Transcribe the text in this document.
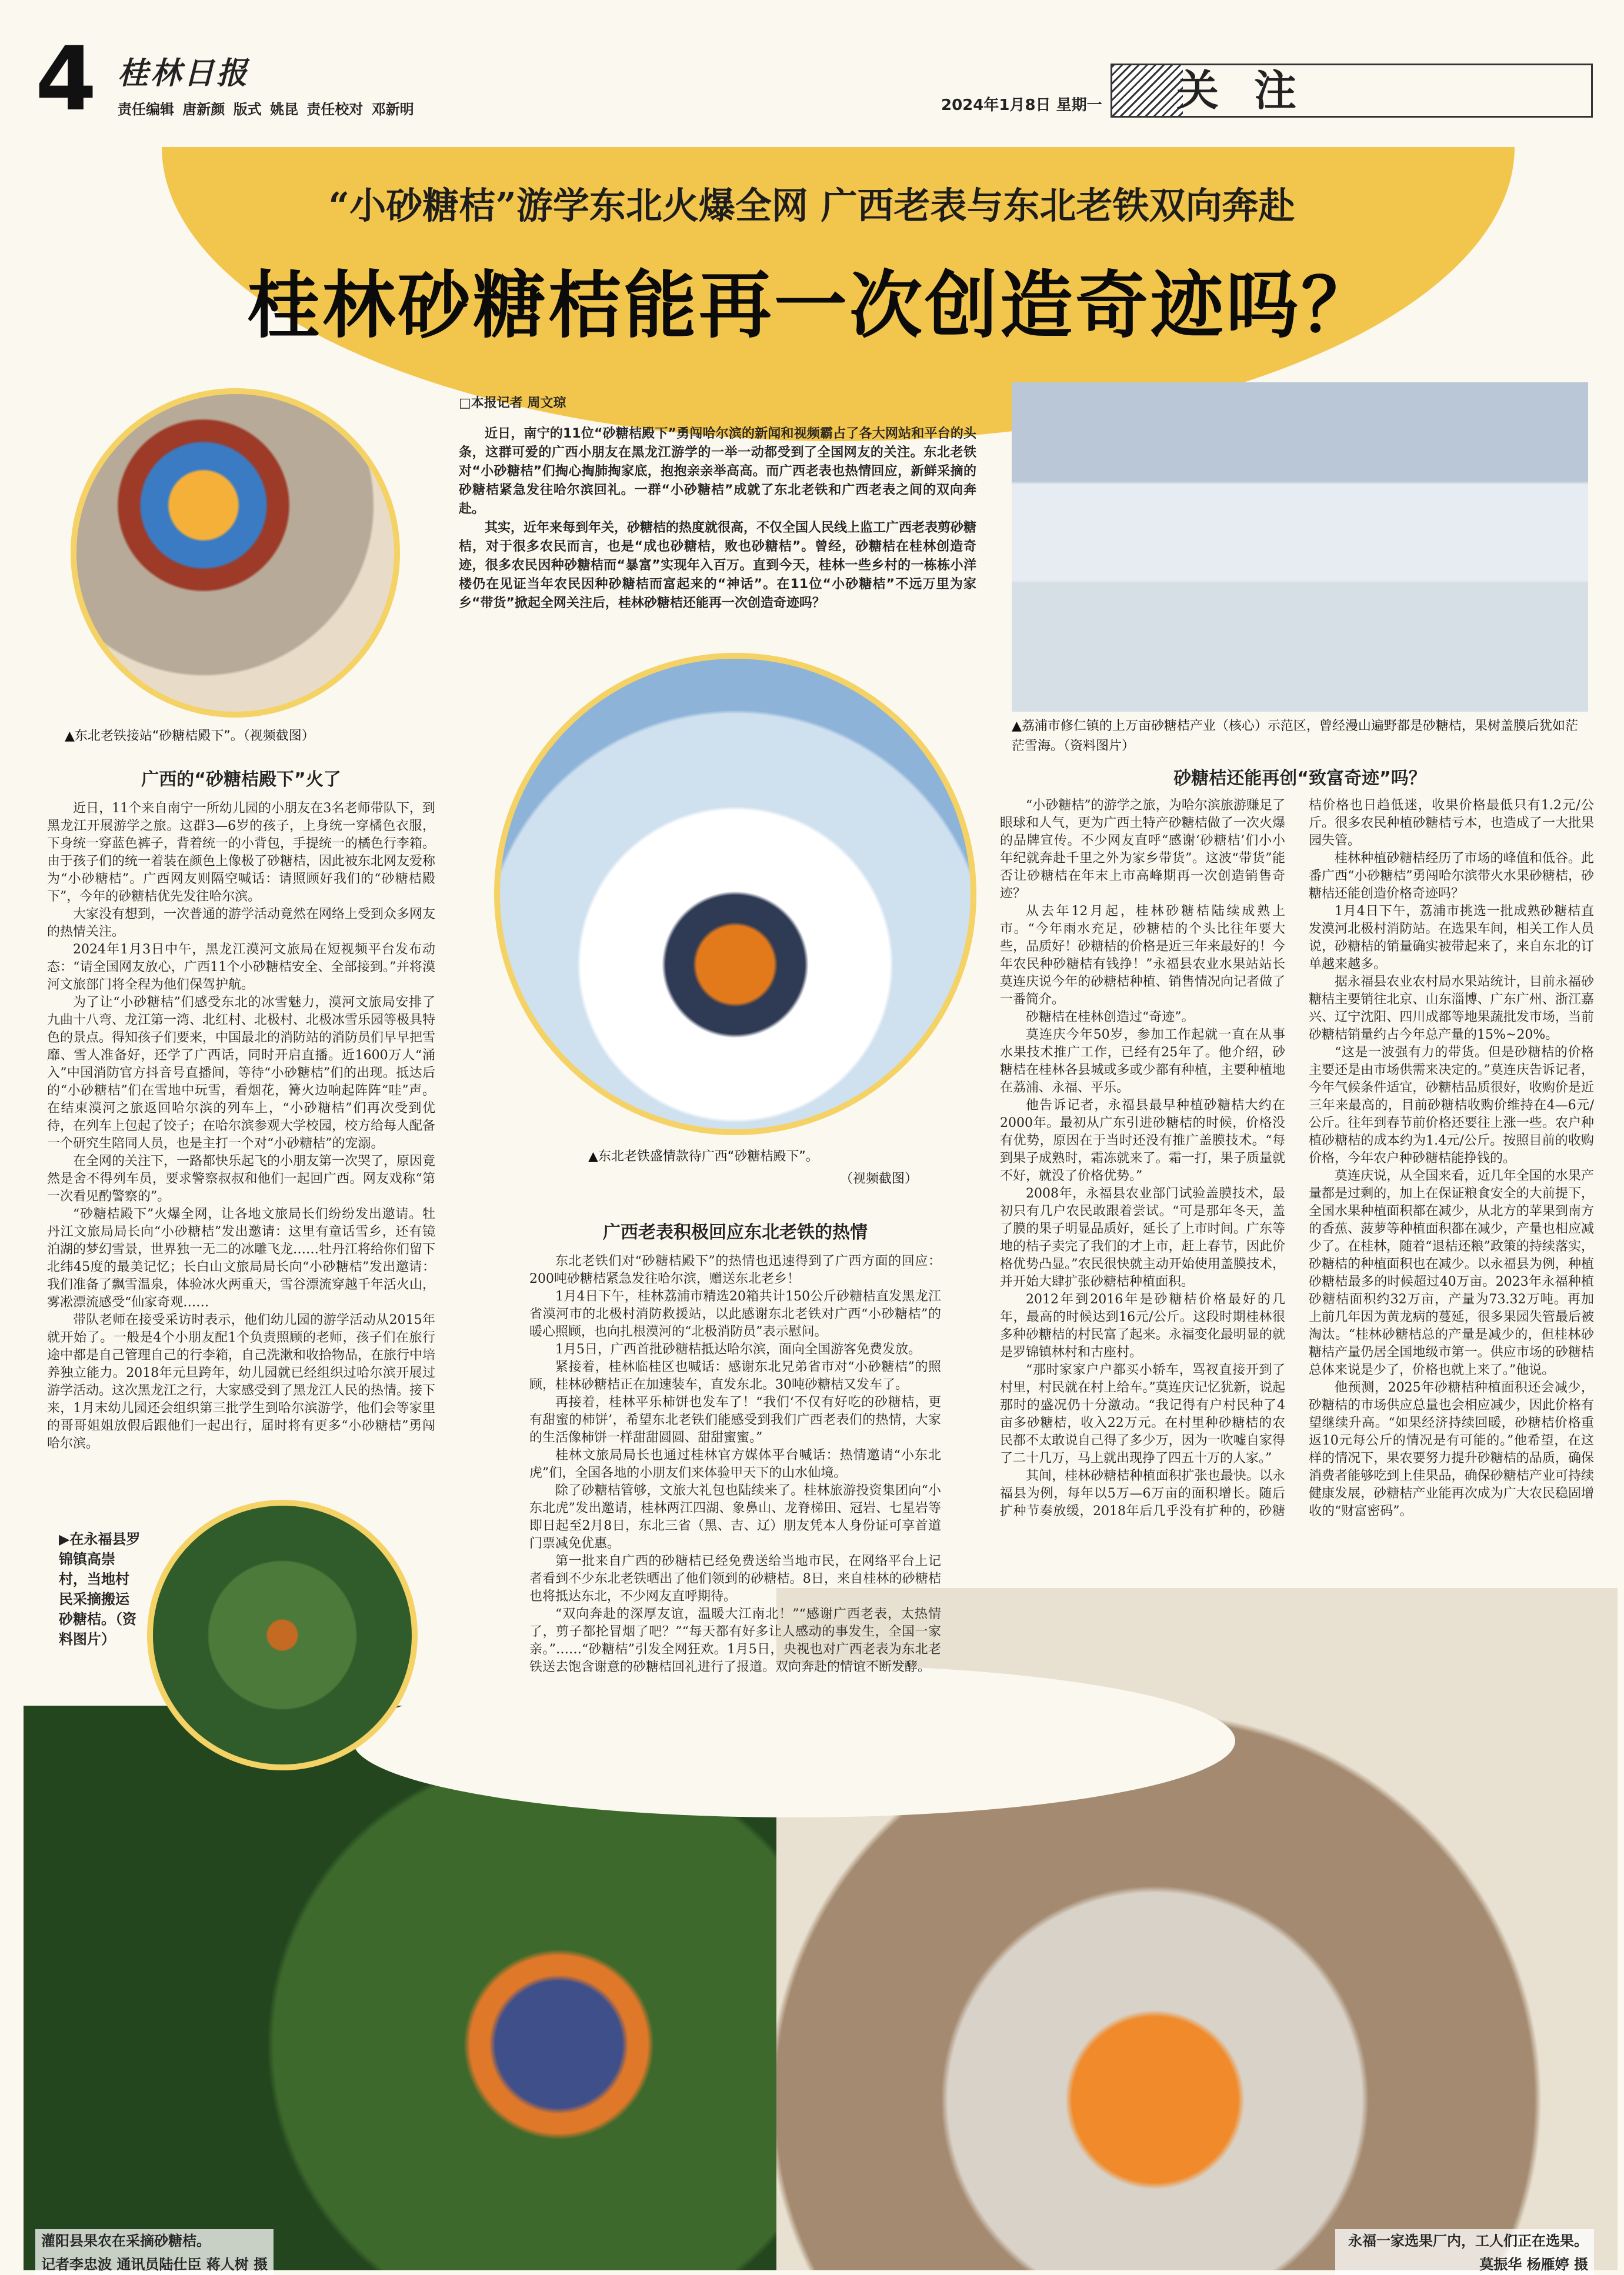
4 桂林日报
责任编辑 唐新颜 版式 姚昆 责任校对 邓新明	2024年1月8日 星期一 关注
“小砂糖桔”游学东北火爆全网 广西老表与东北老铁双向奔赴
桂林砂糖桔能再一次创造奇迹吗？
▲东北老铁接站“砂糖桔殿下”。（视频截图）
▲东北老铁盛情款待广西“砂糖桔殿下”。
（视频截图）
▲荔浦市修仁镇的上万亩砂糖桔产业（核心）示范区，曾经漫山遍野都是砂糖桔，果树盖膜后犹如茫茫雪海。（资料图片）
▶在永福县罗锦镇高崇村，当地村民采摘搬运砂糖桔。（资料图片）
灌阳县果农在采摘砂糖桔。
记者李忠波 通讯员陆仕臣 蒋人树 摄
永福一家选果厂内，工人们正在选果。
莫振华 杨雁婷 摄
□本报记者 周文琼

近日，南宁的11位“砂糖桔殿下”勇闯哈尔滨的新闻和视频霸占了各大网站和平台的头条，这群可爱的广西小朋友在黑龙江游学的一举一动都受到了全国网友的关注。东北老铁对“小砂糖桔”们掏心掏肺掏家底，抱抱亲亲举高高。而广西老表也热情回应，新鲜采摘的砂糖桔紧急发往哈尔滨回礼。一群“小砂糖桔”成就了东北老铁和广西老表之间的双向奔赴。

其实，近年来每到年关，砂糖桔的热度就很高，不仅全国人民线上监工广西老表剪砂糖桔，对于很多农民而言，也是“成也砂糖桔，败也砂糖桔”。曾经，砂糖桔在桂林创造奇迹，很多农民因种砂糖桔而“暴富”实现年入百万。直到今天，桂林一些乡村的一栋栋小洋楼仍在见证当年农民因种砂糖桔而富起来的“神话”。在11位“小砂糖桔”不远万里为家乡“带货”掀起全网关注后，桂林砂糖桔还能再一次创造奇迹吗？

广西的“砂糖桔殿下”火了

近日，11个来自南宁一所幼儿园的小朋友在3名老师带队下，到黑龙江开展游学之旅。这群3—6岁的孩子，上身统一穿橘色衣服，下身统一穿蓝色裤子，背着统一的小背包，手提统一的橘色行李箱。由于孩子们的统一着装在颜色上像极了砂糖桔，因此被东北网友爱称为“小砂糖桔”。广西网友则隔空喊话：请照顾好我们的“砂糖桔殿下”，今年的砂糖桔优先发往哈尔滨。

大家没有想到，一次普通的游学活动竟然在网络上受到众多网友的热情关注。

2024年1月3日中午，黑龙江漠河文旅局在短视频平台发布动态：“请全国网友放心，广西11个小砂糖桔安全、全部接到。”并将漠河文旅部门将全程为他们保驾护航。

为了让“小砂糖桔”们感受东北的冰雪魅力，漠河文旅局安排了九曲十八弯、龙江第一湾、北红村、北极村、北极冰雪乐园等极具特色的景点。得知孩子们要来，中国最北的消防站的消防员们早早把雪靡、雪人准备好，还学了广西话，同时开启直播。近1600万人“涌入”中国消防官方抖音号直播间，等待“小砂糖桔”们的出现。抵达后的“小砂糖桔”们在雪地中玩雪，看烟花，篝火边响起阵阵“哇”声。在结束漠河之旅返回哈尔滨的列车上，“小砂糖桔”们再次受到优待，在列车上包起了饺子；在哈尔滨参观大学校园，校方给每人配备一个研究生陪同人员，也是主打一个对“小砂糖桔”的宠溺。

在全网的关注下，一路都快乐起飞的小朋友第一次哭了，原因竟然是舍不得列车员，要求警察叔叔和他们一起回广西。网友戏称“第一次看见酌警察的”。

“砂糖桔殿下”火爆全网，让各地文旅局长们纷纷发出邀请。牡丹江文旅局局长向“小砂糖桔”发出邀请：这里有童话雪乡，还有镜泊湖的梦幻雪景，世界独一无二的冰雕飞龙……牡丹江将给你们留下北纬45度的最美记忆；长白山文旅局局长向“小砂糖桔”发出邀请：我们准备了飘雪温泉，体验冰火两重天，雪谷漂流穿越千年活火山，雾凇漂流感受“仙家奇观……

带队老师在接受采访时表示，他们幼儿园的游学活动从2015年就开始了。一般是4个小朋友配1个负责照顾的老师，孩子们在旅行途中都是自己管理自己的行李箱，自己洗漱和收拾物品，在旅行中培养独立能力。2018年元旦跨年，幼儿园就已经组织过哈尔滨开展过游学活动。这次黑龙江之行，大家感受到了黑龙江人民的热情。接下来，1月末幼儿园还会组织第三批学生到哈尔滨游学，他们会等家里的哥哥姐姐放假后跟他们一起出行，届时将有更多“小砂糖桔”勇闯哈尔滨。

广西老表积极回应东北老铁的热情

东北老铁们对“砂糖桔殿下”的热情也迅速得到了广西方面的回应：200吨砂糖桔紧急发往哈尔滨，赠送东北老乡！

1月4日下午，桂林荔浦市精选20箱共计150公斤砂糖桔直发黑龙江省漠河市的北极村消防救援站，以此感谢东北老铁对广西“小砂糖桔”的暖心照顾，也向扎根漠河的“北极消防员”表示慰问。

1月5日，广西首批砂糖桔抵达哈尔滨，面向全国游客免费发放。

紧接着，桂林临桂区也喊话：感谢东北兄弟省市对“小砂糖桔”的照顾，桂林砂糖桔正在加速装车，直发东北。30吨砂糖桔又发车了。

再接着，桂林平乐柿饼也发车了！“我们‘不仅有好吃的砂糖桔，更有甜蜜的柿饼’，希望东北老铁们能感受到我们广西老表们的热情，大家的生活像柿饼一样甜甜圆圆、甜甜蜜蜜。”

桂林文旅局局长也通过桂林官方媒体平台喊话：热情邀请“小东北虎”们，全国各地的小朋友们来体验甲天下的山水仙境。

除了砂糖桔管够，文旅大礼包也陆续来了。桂林旅游投资集团向“小东北虎”发出邀请，桂林两江四湖、象鼻山、龙脊梯田、冠岩、七星岩等即日起至2月8日，东北三省（黑、吉、辽）朋友凭本人身份证可享首道门票减免优惠。

第一批来自广西的砂糖桔已经免费送给当地市民，在网络平台上记者看到不少东北老铁晒出了他们领到的砂糖桔。8日，来自桂林的砂糖桔也将抵达东北，不少网友直呼期待。

“双向奔赴的深厚友谊，温暖大江南北！”“感谢广西老表，太热情了，剪子都抡冒烟了吧？”“每天都有好多让人感动的事发生，全国一家亲。”……“砂糖桔”引发全网狂欢。1月5日，央视也对广西老表为东北老铁送去饱含谢意的砂糖桔回礼进行了报道。双向奔赴的情谊不断发酵。

砂糖桔还能再创“致富奇迹”吗？

“小砂糖桔”的游学之旅，为哈尔滨旅游赚足了眼球和人气，更为广西土特产砂糖桔做了一次火爆的品牌宣传。不少网友直呼“感谢‘砂糖桔’们小小年纪就奔赴千里之外为家乡带货”。这波“带货”能否让砂糖桔在年末上市高峰期再一次创造销售奇迹？

从去年12月起，桂林砂糖桔陆续成熟上市。“今年雨水充足，砂糖桔的个头比往年要大些，品质好！砂糖桔的价格是近三年来最好的！今年农民种砂糖桔有钱挣！”永福县农业水果站站长莫连庆说今年的砂糖桔种植、销售情况向记者做了一番简介。

砂糖桔在桂林创造过“奇迹”。

莫连庆今年50岁，参加工作起就一直在从事水果技术推广工作，已经有25年了。他介绍，砂糖桔在桂林各县城或多或少都有种植，主要种植地在荔浦、永福、平乐。

他告诉记者，永福县最早种植砂糖桔大约在2000年。最初从广东引进砂糖桔的时候，价格没有优势，原因在于当时还没有推广盖膜技术。“每到果子成熟时，霜冻就来了。霜一打，果子质量就不好，就没了价格优势。”

2008年，永福县农业部门试验盖膜技术，最初只有几户农民敢跟着尝试。“可是那年冬天，盖了膜的果子明显品质好，延长了上市时间。广东等地的桔子卖完了我们的才上市，赶上春节，因此价格优势凸显。”农民很快就主动开始使用盖膜技术，并开始大肆扩张砂糖桔种植面积。

2012年到2016年是砂糖桔价格最好的几年，最高的时候达到16元/公斤。这段时期桂林很多种砂糖桔的村民富了起来。永福变化最明显的就是罗锦镇林村和古座村。

“那时家家户户都买小轿车，骂衩直接开到了村里，村民就在村上给车。”莫连庆记忆犹新，说起那时的盛况仍十分激动。“我记得有户村民种了4亩多砂糖桔，收入22万元。在村里种砂糖桔的农民都不太敢说自己得了多少万，因为一吹嘘自家得了二十几万，马上就出现挣了四五十万的人家。”

其间，桂林砂糖桔种植面积扩张也最快。以永福县为例，每年以5万—6万亩的面积增长。随后扩种节奏放缓，2018年后几乎没有扩种的，砂糖桔价格也日趋低迷，收果价格最低只有1.2元/公斤。很多农民种植砂糖桔亏本，也造成了一大批果园失管。

桂林种植砂糖桔经历了市场的峰值和低谷。此番广西“小砂糖桔”勇闯哈尔滨带火水果砂糖桔，砂糖桔还能创造价格奇迹吗？

1月4日下午，荔浦市挑选一批成熟砂糖桔直发漠河北极村消防站。在选果车间，相关工作人员说，砂糖桔的销量确实被带起来了，来自东北的订单越来越多。

据永福县农业农村局水果站统计，目前永福砂糖桔主要销往北京、山东淄博、广东广州、浙江嘉兴、辽宁沈阳、四川成都等地果蔬批发市场，当前砂糖桔销量约占今年总产量的15%~20%。

“这是一波强有力的带货。但是砂糖桔的价格主要还是由市场供需来决定的。”莫连庆告诉记者，今年气候条件适宜，砂糖桔品质很好，收购价是近三年来最高的，目前砂糖桔收购价维持在4—6元/公斤。往年到春节前价格还要往上涨一些。农户种植砂糖桔的成本约为1.4元/公斤。按照目前的收购价格，今年农户种砂糖桔能挣钱的。

莫连庆说，从全国来看，近几年全国的水果产量都是过剩的，加上在保证粮食安全的大前提下，全国水果种植面积都在减少，从北方的苹果到南方的香蕉、菠萝等种植面积都在减少，产量也相应减少了。在桂林，随着“退桔还粮”政策的持续落实，砂糖桔的种植面积也在减少。以永福县为例，种植砂糖桔最多的时候超过40万亩。2023年永福种植砂糖桔面积约32万亩，产量为73.32万吨。再加上前几年因为黄龙病的蔓延，很多果园失管最后被淘汰。“桂林砂糖桔总的产量是减少的，但桂林砂糖桔产量仍居全国地级市第一。供应市场的砂糖桔总体来说是少了，价格也就上来了。”他说。

他预测，2025年砂糖桔种植面积还会减少，砂糖桔的市场供应总量也会相应减少，因此价格有望继续升高。“如果经济持续回暖，砂糖桔价格重返10元每公斤的情况是有可能的。”他希望，在这样的情况下，果农要努力提升砂糖桔的品质，确保消费者能够吃到上佳果品，确保砂糖桔产业可持续健康发展，砂糖桔产业能再次成为广大农民稳固增收的“财富密码”。
